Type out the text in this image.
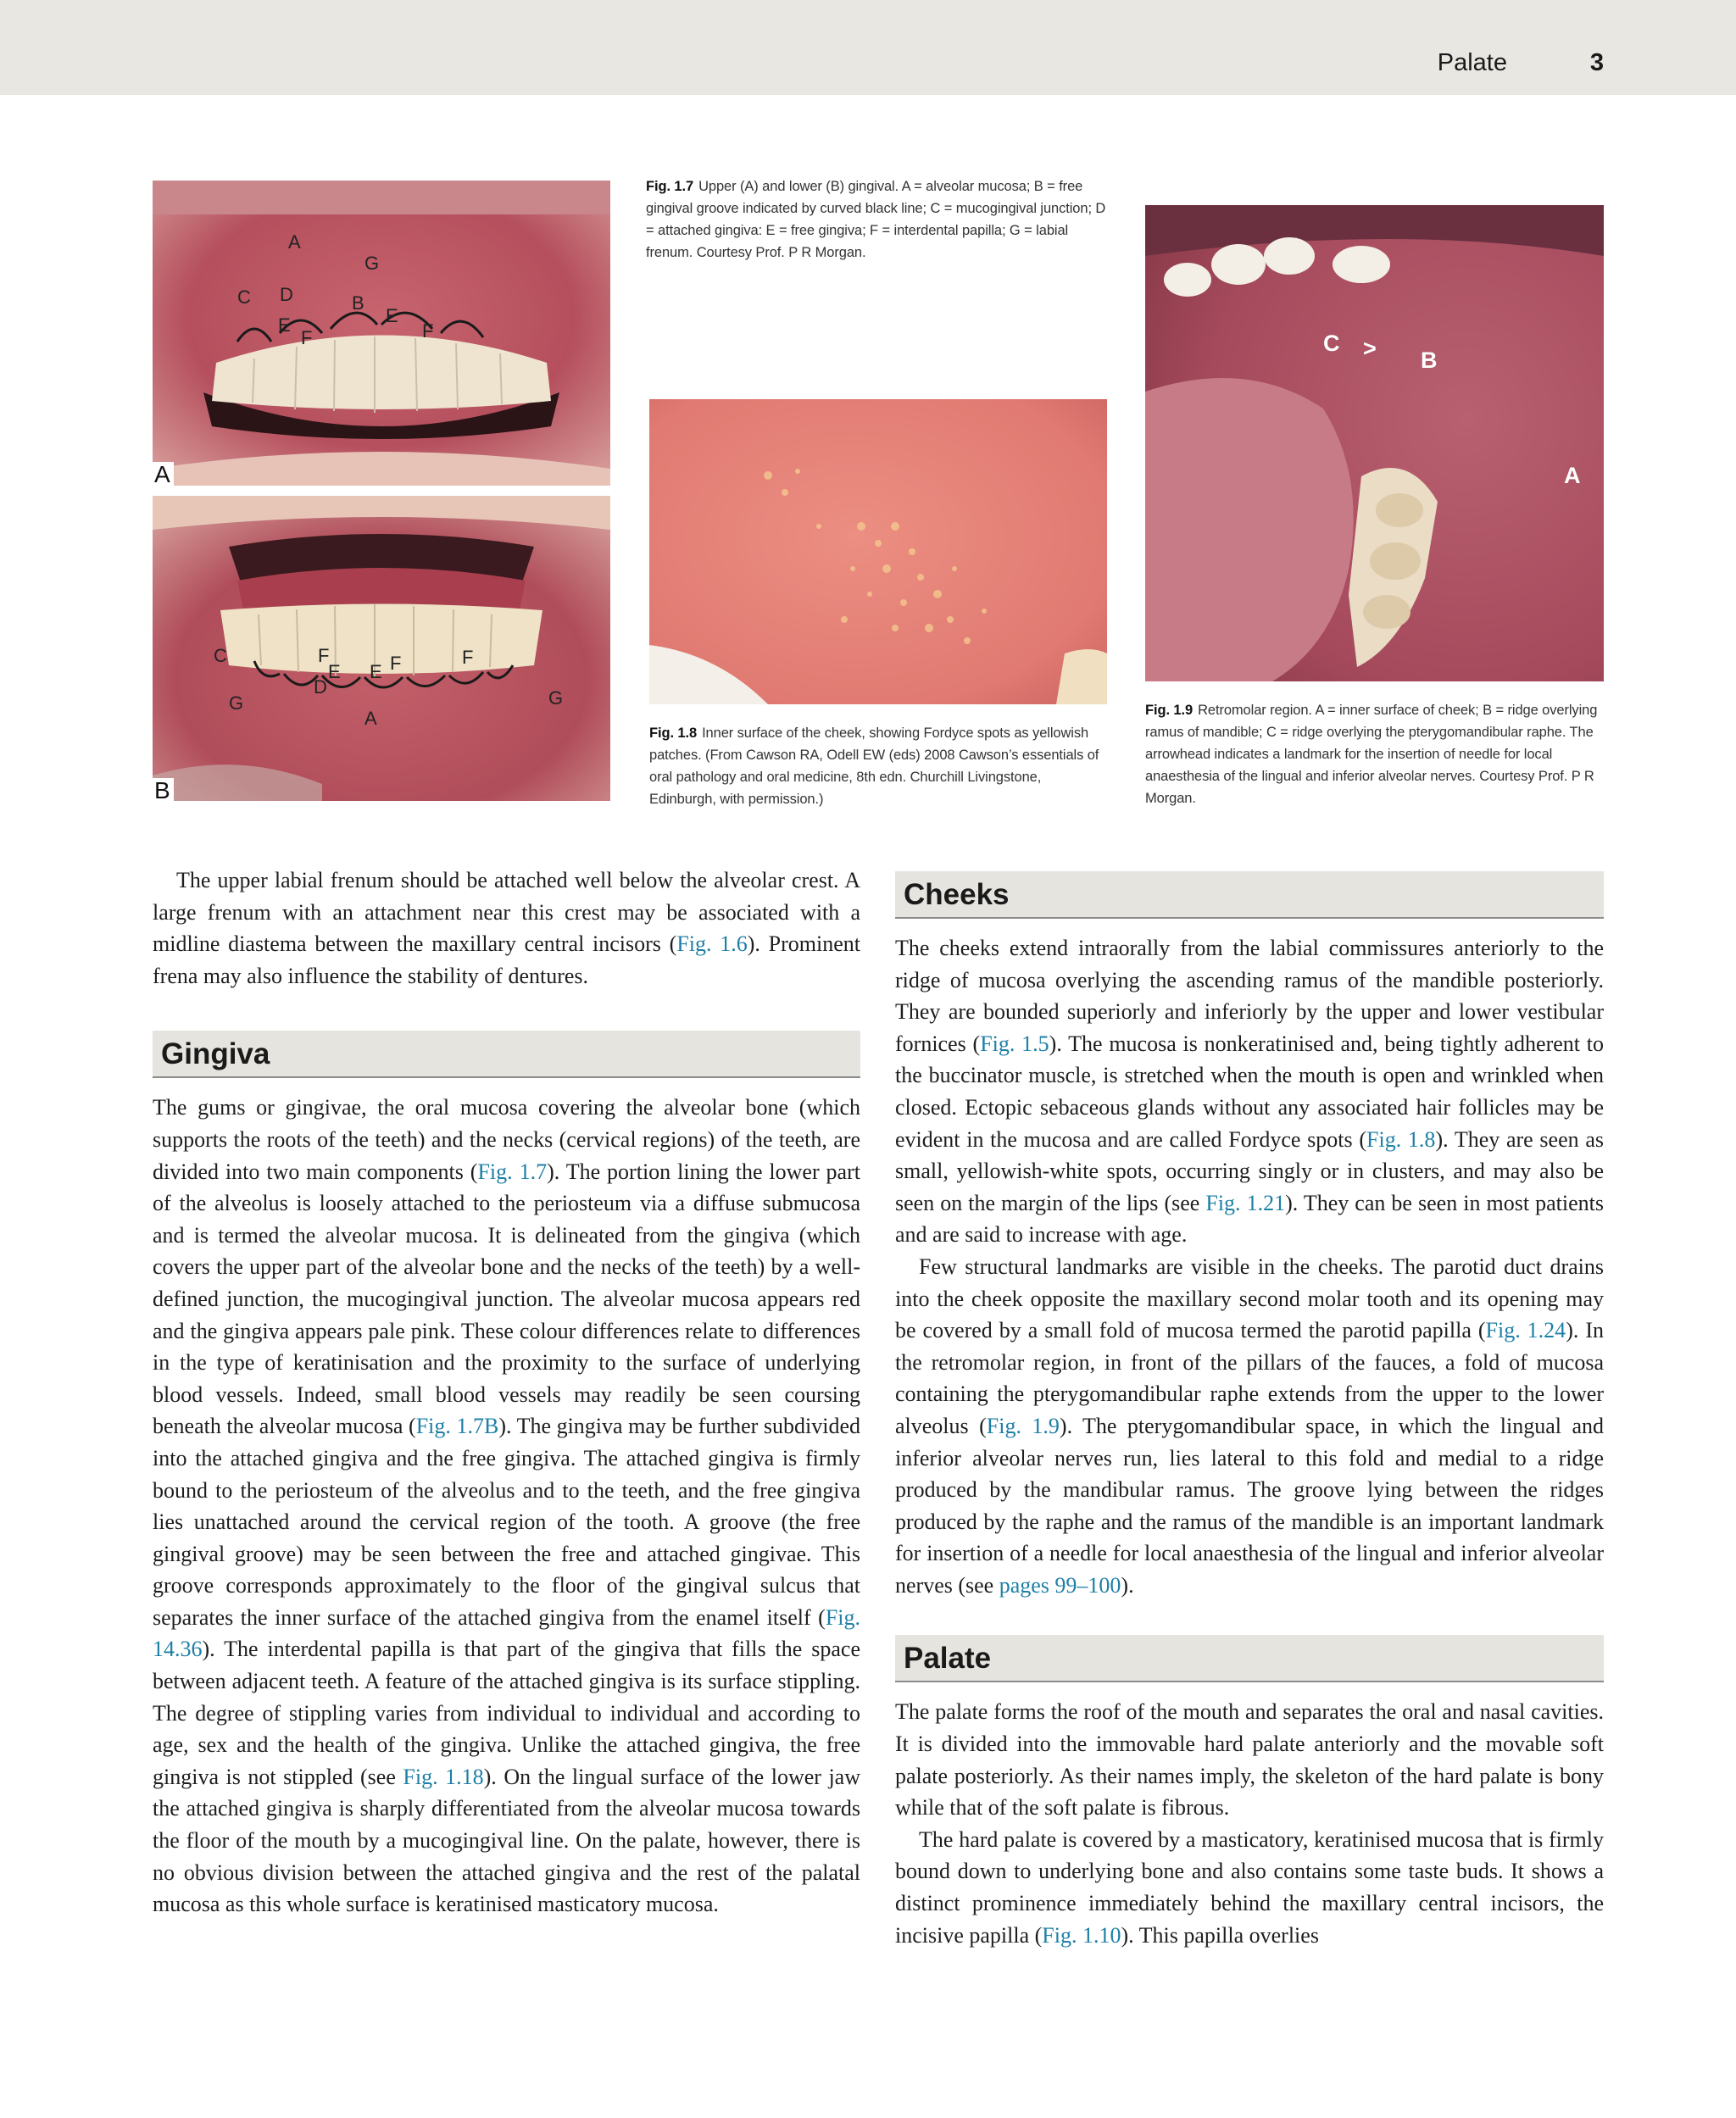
Palate	3
A
G
C D	B
E	E
F	F
A
C	F
E E F	F
D
G
A
G
B
Fig. 1.7 Upper (A) and lower (B) gingival. A = alveolar mucosa; B = free gingival groove indicated by curved black line; C = mucogingival junction; D = attached gingiva: E = free gingiva; F = interdental papilla; G = labial frenum. Courtesy Prof. P R Morgan.
Fig. 1.8 Inner surface of the cheek, showing Fordyce spots as yellowish patches. (From Cawson RA, Odell EW (eds) 2008 Cawson’s essentials of oral pathology and oral medicine, 8th edn. Churchill Livingstone, Edinburgh, with permission.)
C > B
A
Fig. 1.9 Retromolar region. A = inner surface of cheek; B = ridge overlying ramus of mandible; C = ridge overlying the pterygomandibular raphe. The arrowhead indicates a landmark for the insertion of needle for local anaesthesia of the lingual and inferior alveolar nerves. Courtesy Prof. P R Morgan.

The upper labial frenum should be attached well below the alveolar crest. A large frenum with an attachment near this crest may be associated with a midline diastema between the maxillary central incisors (Fig. 1.6). Prominent frena may also influence the stability of dentures.

Gingiva

The gums or gingivae, the oral mucosa covering the alveolar bone (which supports the roots of the teeth) and the necks (cervical regions) of the teeth, are divided into two main components (Fig. 1.7). The portion lining the lower part of the alveolus is loosely attached to the periosteum via a diffuse submucosa and is termed the alveolar mucosa. It is delineated from the gingiva (which covers the upper part of the alveolar bone and the necks of the teeth) by a well-defined junction, the mucogingival junction. The alveolar mucosa appears red and the gingiva appears pale pink. These colour differences relate to differences in the type of keratinisation and the proximity to the surface of underlying blood vessels. Indeed, small blood vessels may readily be seen coursing beneath the alveolar mucosa (Fig. 1.7B). The gingiva may be further subdivided into the attached gingiva and the free gingiva. The attached gingiva is firmly bound to the periosteum of the alveolus and to the teeth, and the free gingiva lies unattached around the cervical region of the tooth. A groove (the free gingival groove) may be seen between the free and attached gingivae. This groove corresponds approximately to the floor of the gingival sulcus that separates the inner surface of the attached gingiva from the enamel itself (Fig. 14.36). The interdental papilla is that part of the gingiva that fills the space between adjacent teeth. A feature of the attached gingiva is its surface stippling. The degree of stippling varies from individual to individual and according to age, sex and the health of the gingiva. Unlike the attached gingiva, the free gingiva is not stippled (see Fig. 1.18). On the lingual surface of the lower jaw the attached gingiva is sharply differentiated from the alveolar mucosa towards the floor of the mouth by a mucogingival line. On the palate, however, there is no obvious division between the attached gingiva and the rest of the palatal mucosa as this whole surface is keratinised masticatory mucosa.

Cheeks

The cheeks extend intraorally from the labial commissures anteriorly to the ridge of mucosa overlying the ascending ramus of the mandible posteriorly. They are bounded superiorly and inferiorly by the upper and lower vestibular fornices (Fig. 1.5). The mucosa is nonkeratinised and, being tightly adherent to the buccinator muscle, is stretched when the mouth is open and wrinkled when closed. Ectopic sebaceous glands without any associated hair follicles may be evident in the mucosa and are called Fordyce spots (Fig. 1.8). They are seen as small, yellowish-white spots, occurring singly or in clusters, and may also be seen on the margin of the lips (see Fig. 1.21). They can be seen in most patients and are said to increase with age.

Few structural landmarks are visible in the cheeks. The parotid duct drains into the cheek opposite the maxillary second molar tooth and its opening may be covered by a small fold of mucosa termed the parotid papilla (Fig. 1.24). In the retromolar region, in front of the pillars of the fauces, a fold of mucosa containing the pterygomandibular raphe extends from the upper to the lower alveolus (Fig. 1.9). The pterygomandibular space, in which the lingual and inferior alveolar nerves run, lies lateral to this fold and medial to a ridge produced by the mandibular ramus. The groove lying between the ridges produced by the raphe and the ramus of the mandible is an important landmark for insertion of a needle for local anaesthesia of the lingual and inferior alveolar nerves (see pages 99–100).

Palate

The palate forms the roof of the mouth and separates the oral and nasal cavities. It is divided into the immovable hard palate anteriorly and the movable soft palate posteriorly. As their names imply, the skeleton of the hard palate is bony while that of the soft palate is fibrous.

The hard palate is covered by a masticatory, keratinised mucosa that is firmly bound down to underlying bone and also contains some taste buds. It shows a distinct prominence immediately behind the maxillary central incisors, the incisive papilla (Fig. 1.10). This papilla overlies
